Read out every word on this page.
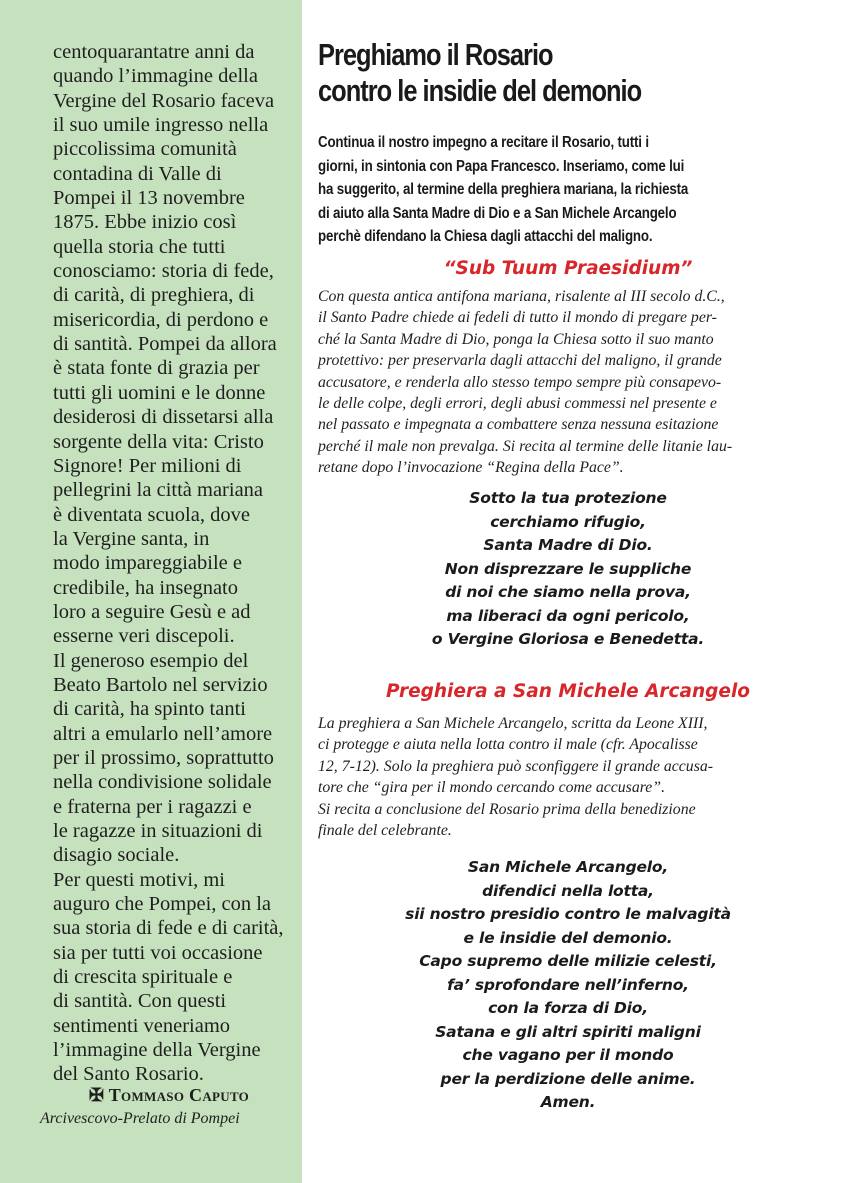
centoquarantatre anni da
quando l’immagine della
Vergine del Rosario faceva
il suo umile ingresso nella
piccolissima comunità
contadina di Valle di
Pompei il 13 novembre
1875. Ebbe inizio così
quella storia che tutti
conosciamo: storia di fede,
di carità, di preghiera, di
misericordia, di perdono e
di santità. Pompei da allora
è stata fonte di grazia per
tutti gli uomini e le donne
desiderosi di dissetarsi alla
sorgente della vita: Cristo
Signore! Per milioni di
pellegrini la città mariana
è diventata scuola, dove
la Vergine santa, in
modo impareggiabile e
credibile, ha insegnato
loro a seguire Gesù e ad
esserne veri discepoli.
Il generoso esempio del
Beato Bartolo nel servizio
di carità, ha spinto tanti
altri a emularlo nell’amore
per il prossimo, soprattutto
nella condivisione solidale
e fraterna per i ragazzi e
le ragazze in situazioni di
disagio sociale.
Per questi motivi, mi
auguro che Pompei, con la
sua storia di fede e di carità,
sia per tutti voi occasione
di crescita spirituale e
di santità. Con questi
sentimenti veneriamo
l’immagine della Vergine
del Santo Rosario.
✠ Tommaso Caputo
Arcivescovo-Prelato di Pompei
Preghiamo il Rosario
contro le insidie del demonio
Continua il nostro impegno a recitare il Rosario, tutti i
giorni, in sintonia con Papa Francesco. Inseriamo, come lui
ha suggerito, al termine della preghiera mariana, la richiesta
di aiuto alla Santa Madre di Dio e a San Michele Arcangelo
perchè difendano la Chiesa dagli attacchi del maligno.
“Sub Tuum Praesidium”
Con questa antica antifona mariana, risalente al III secolo d.C.,
il Santo Padre chiede ai fedeli di tutto il mondo di pregare per-
ché la Santa Madre di Dio, ponga la Chiesa sotto il suo manto
protettivo: per preservarla dagli attacchi del maligno, il grande
accusatore, e renderla allo stesso tempo sempre più consapevo-
le delle colpe, degli errori, degli abusi commessi nel presente e
nel passato e impegnata a combattere senza nessuna esitazione
perché il male non prevalga. Si recita al termine delle litanie lau-
retane dopo l’invocazione “Regina della Pace”.
Sotto la tua protezione
cerchiamo rifugio,
Santa Madre di Dio.
Non disprezzare le suppliche
di noi che siamo nella prova,
ma liberaci da ogni pericolo,
o Vergine Gloriosa e Benedetta.
Preghiera a San Michele Arcangelo
La preghiera a San Michele Arcangelo, scritta da Leone XIII,
ci protegge e aiuta nella lotta contro il male (cfr. Apocalisse
12, 7-12). Solo la preghiera può sconfiggere il grande accusa-
tore che “gira per il mondo cercando come accusare”.
Si recita a conclusione del Rosario prima della benedizione
finale del celebrante.
San Michele Arcangelo,
difendici nella lotta,
sii nostro presidio contro le malvagità
e le insidie del demonio.
Capo supremo delle milizie celesti,
fa’ sprofondare nell’inferno,
con la forza di Dio,
Satana e gli altri spiriti maligni
che vagano per il mondo
per la perdizione delle anime.
Amen.
